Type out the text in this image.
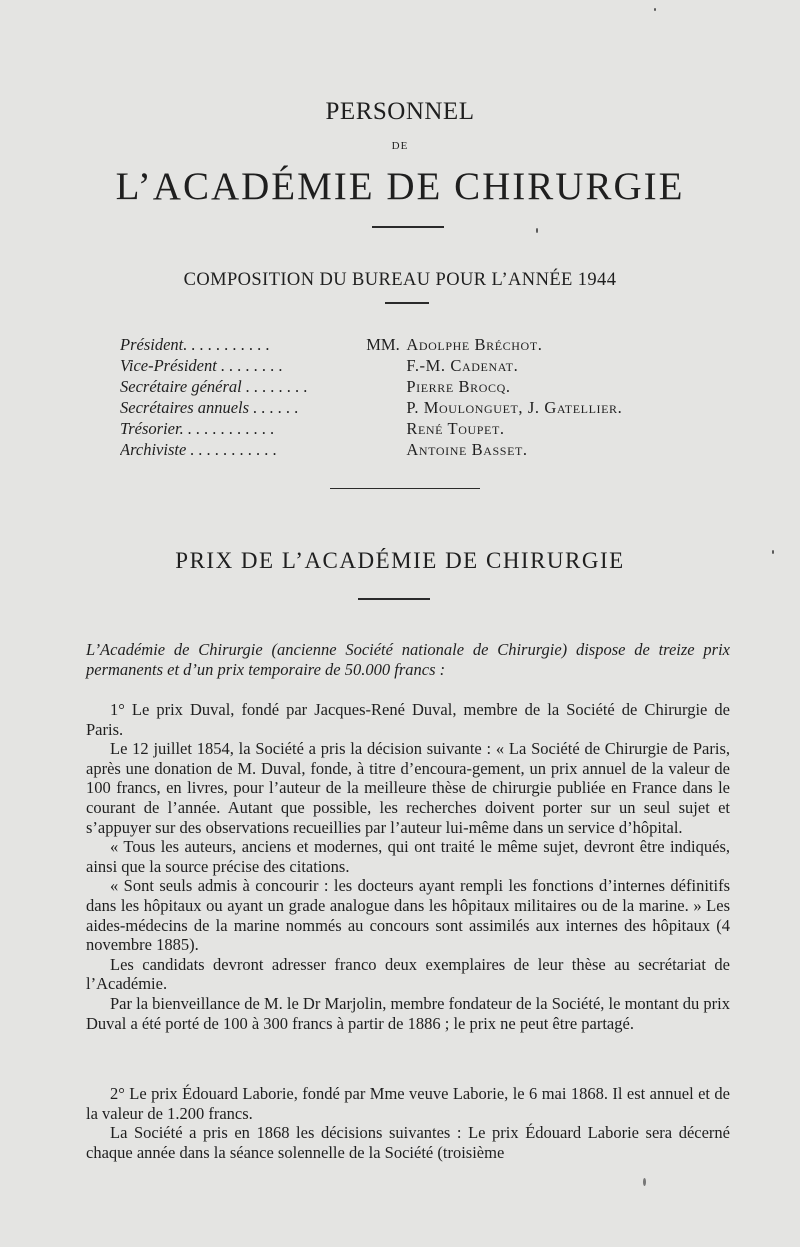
PERSONNEL
DE
L’ACADÉMIE DE CHIRURGIE
COMPOSITION DU BUREAU POUR L’ANNÉE 1944
Président. . . . . . . . . . .	MM. Adolphe Bréchot.
Vice-Président . . . . . . . .	F.-M. Cadenat.
Secrétaire général . . . . . . . .	Pierre Brocq.
Secrétaires annuels . . . . . .	P. Moulonguet, J. Gatellier.
Trésorier. . . . . . . . . . . .	René Toupet.
Archiviste . . . . . . . . . . .	Antoine Basset.
PRIX DE L’ACADÉMIE DE CHIRURGIE

L’Académie de Chirurgie (ancienne Société nationale de Chirurgie) dispose de treize prix permanents et d’un prix temporaire de 50.000 francs :

1° Le prix Duval, fondé par Jacques-René Duval, membre de la Société de Chirurgie de Paris.

Le 12 juillet 1854, la Société a pris la décision suivante : « La Société de Chirurgie de Paris, après une donation de M. Duval, fonde, à titre d’encoura-gement, un prix annuel de la valeur de 100 francs, en livres, pour l’auteur de la meilleure thèse de chirurgie publiée en France dans le courant de l’année. Autant que possible, les recherches doivent porter sur un seul sujet et s’appuyer sur des observations recueillies par l’auteur lui-même dans un service d’hôpital.

« Tous les auteurs, anciens et modernes, qui ont traité le même sujet, devront être indiqués, ainsi que la source précise des citations.

« Sont seuls admis à concourir : les docteurs ayant rempli les fonctions d’internes définitifs dans les hôpitaux ou ayant un grade analogue dans les hôpitaux militaires ou de la marine. » Les aides-médecins de la marine nommés au concours sont assimilés aux internes des hôpitaux (4 novembre 1885).

Les candidats devront adresser franco deux exemplaires de leur thèse au secrétariat de l’Académie.

Par la bienveillance de M. le Dr Marjolin, membre fondateur de la Société, le montant du prix Duval a été porté de 100 à 300 francs à partir de 1886 ; le prix ne peut être partagé.

2° Le prix Édouard Laborie, fondé par Mme veuve Laborie, le 6 mai 1868. Il est annuel et de la valeur de 1.200 francs.

La Société a pris en 1868 les décisions suivantes : Le prix Édouard Laborie sera décerné chaque année dans la séance solennelle de la Société (troisième
